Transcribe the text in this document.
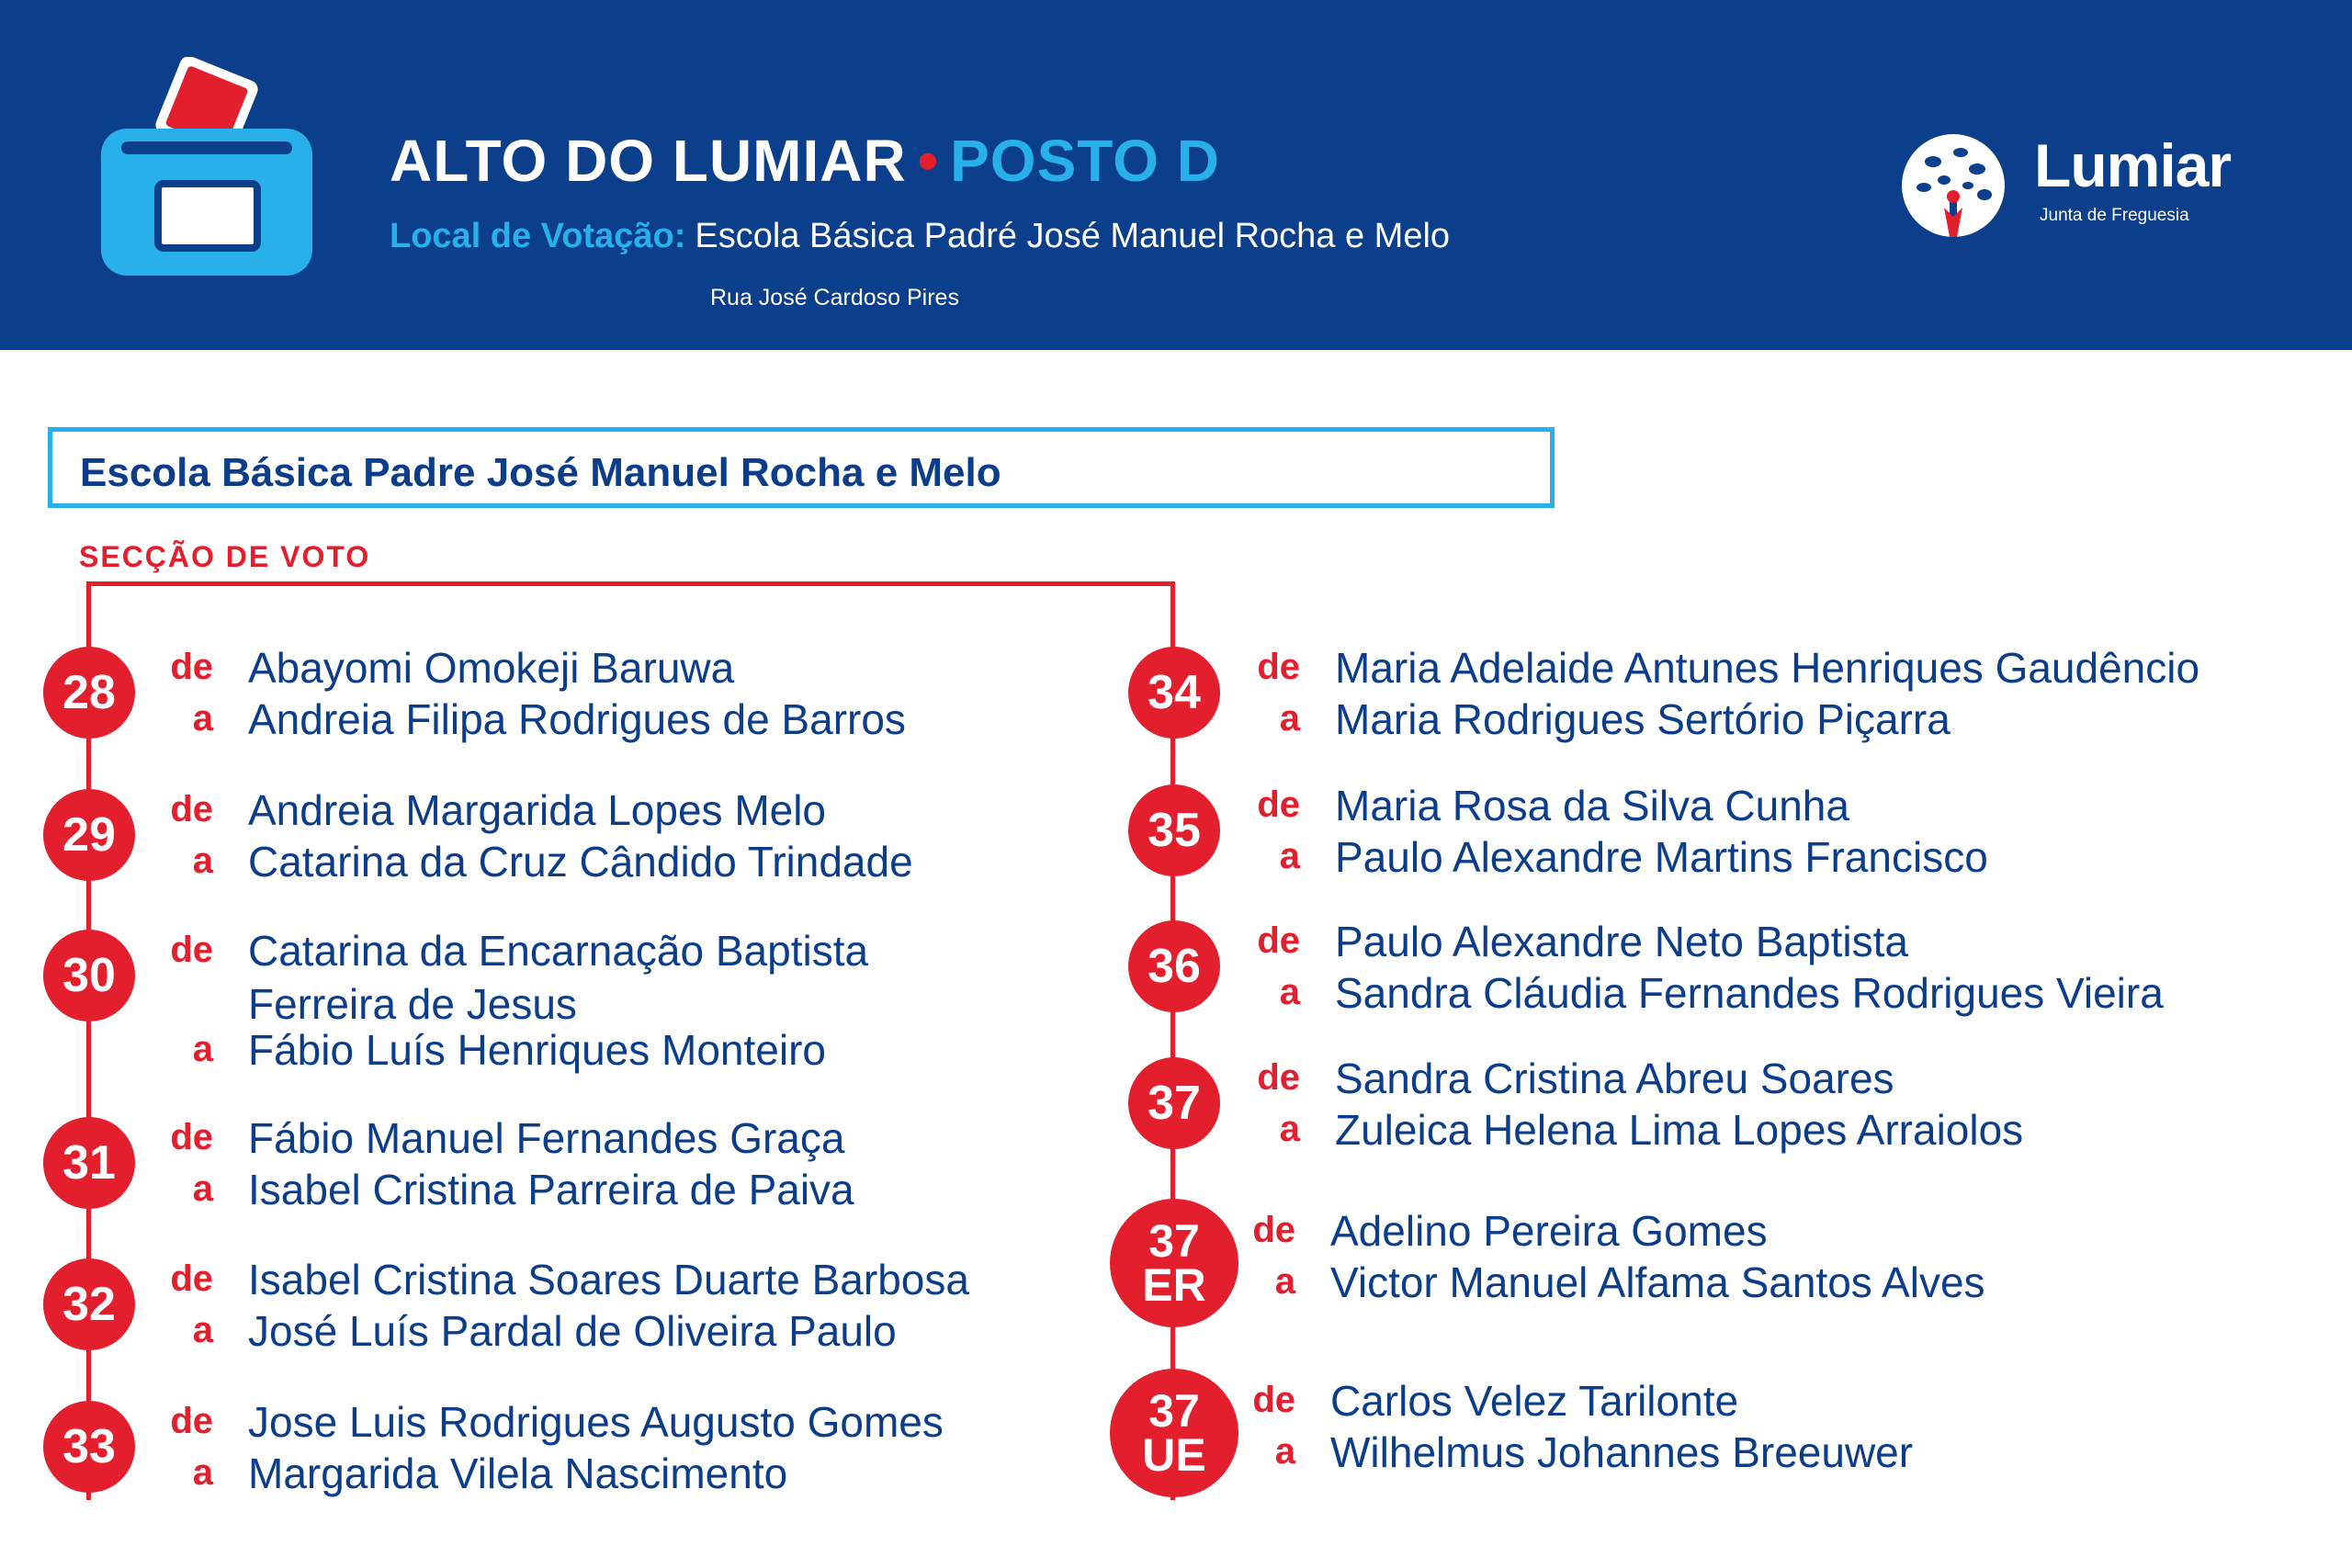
ALTO DO LUMIAR • POSTO D
Local de Votação: Escola Básica Padré José Manuel Rocha e Melo
Rua José Cardoso Pires
Lumiar
Junta de Freguesia
Escola Básica Padre José Manuel Rocha e Melo
SECÇÃO DE VOTO
28	de Abayomi Omokeji Baruwa
a Andreia Filipa Rodrigues de Barros
29	de Andreia Margarida Lopes Melo
a Catarina da Cruz Cândido Trindade
30	de Catarina da Encarnação Baptista
Ferreira de Jesus
a Fábio Luís Henriques Monteiro
31	de Fábio Manuel Fernandes Graça
a Isabel Cristina Parreira de Paiva
32	de Isabel Cristina Soares Duarte Barbosa
a José Luís Pardal de Oliveira Paulo
33	de Jose Luis Rodrigues Augusto Gomes
a Margarida Vilela Nascimento
34	de Maria Adelaide Antunes Henriques Gaudêncio
a Maria Rodrigues Sertório Piçarra
35	de Maria Rosa da Silva Cunha
a Paulo Alexandre Martins Francisco
36	de Paulo Alexandre Neto Baptista
a Sandra Cláudia Fernandes Rodrigues Vieira
37	de Sandra Cristina Abreu Soares
a Zuleica Helena Lima Lopes Arraiolos
37
ER
de Adelino Pereira Gomes
a Victor Manuel Alfama Santos Alves
37
UE
de Carlos Velez Tarilonte
a Wilhelmus Johannes Breeuwer
